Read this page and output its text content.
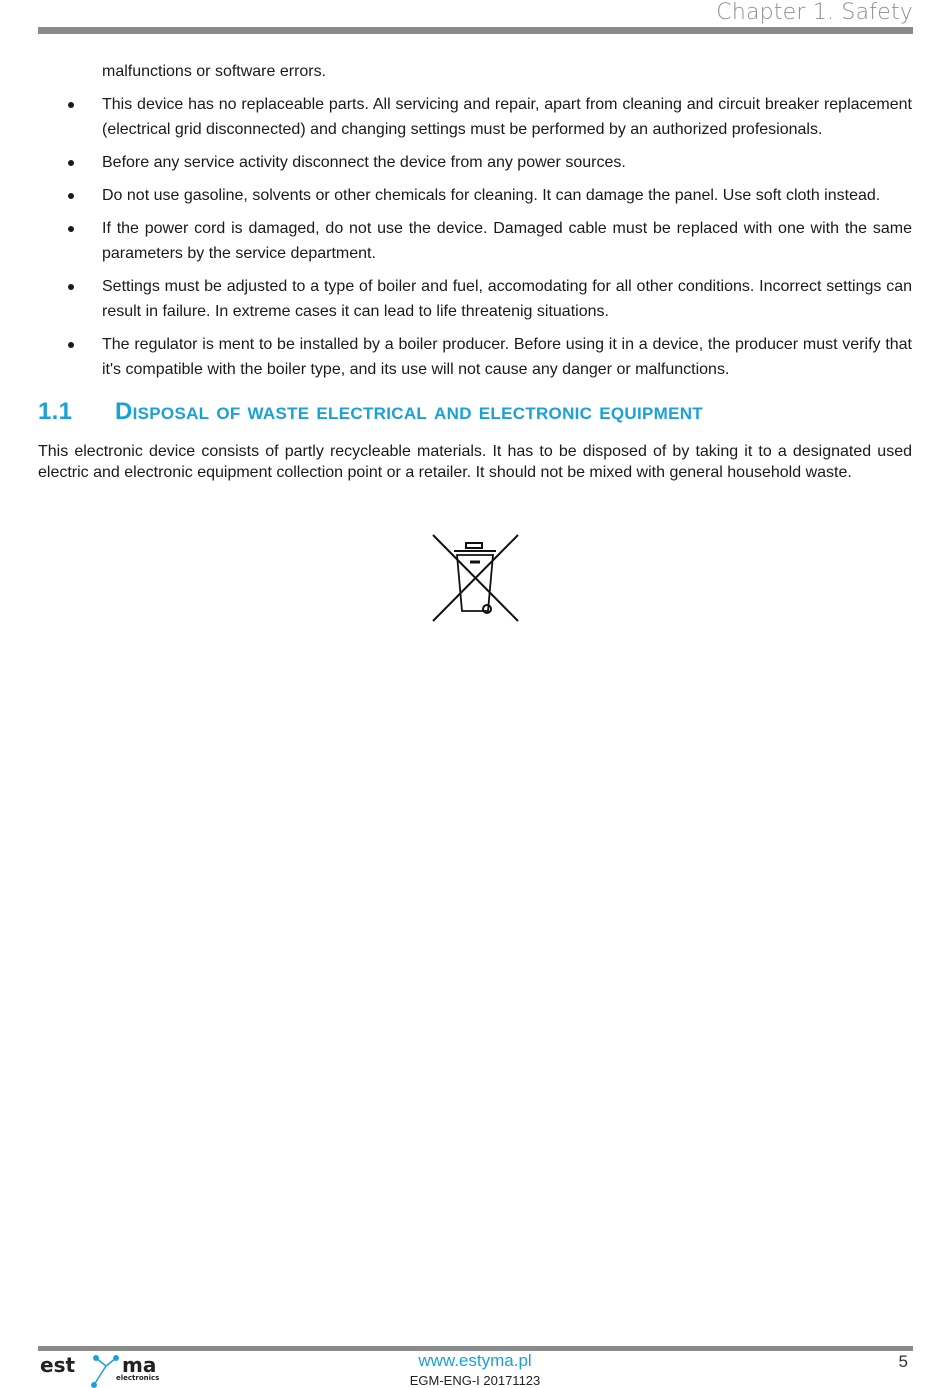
Chapter 1. Safety
malfunctions or software errors.
This device has no replaceable parts. All servicing and repair, apart from cleaning and circuit breaker replacement (electrical grid disconnected) and changing settings must be performed by an authorized profesionals.
Before any service activity disconnect the device from any power sources.
Do not use gasoline, solvents or other chemicals for cleaning. It can damage the panel. Use soft cloth instead.
If the power cord is damaged, do not use the device. Damaged cable must be replaced with one with the same parameters by the service department.
Settings must be adjusted to a type of boiler and fuel, accomodating for all other conditions. Incorrect settings can result in failure. In extreme cases it can lead to life threatenig situations.
The regulator is ment to be installed by a boiler producer. Before using it in a device, the producer must verify that it's compatible with the boiler type, and its use will not cause any danger or malfunctions.
1.1 Disposal of waste electrical and electronic equipment
This electronic device consists of partly recycleable materials. It has to be disposed of by taking it to a designated used electric and electronic equipment collection point or a retailer. It should not be mixed with general household waste.
est ma
electronics
www.estyma.pl
EGM-ENG-I 20171123
5
